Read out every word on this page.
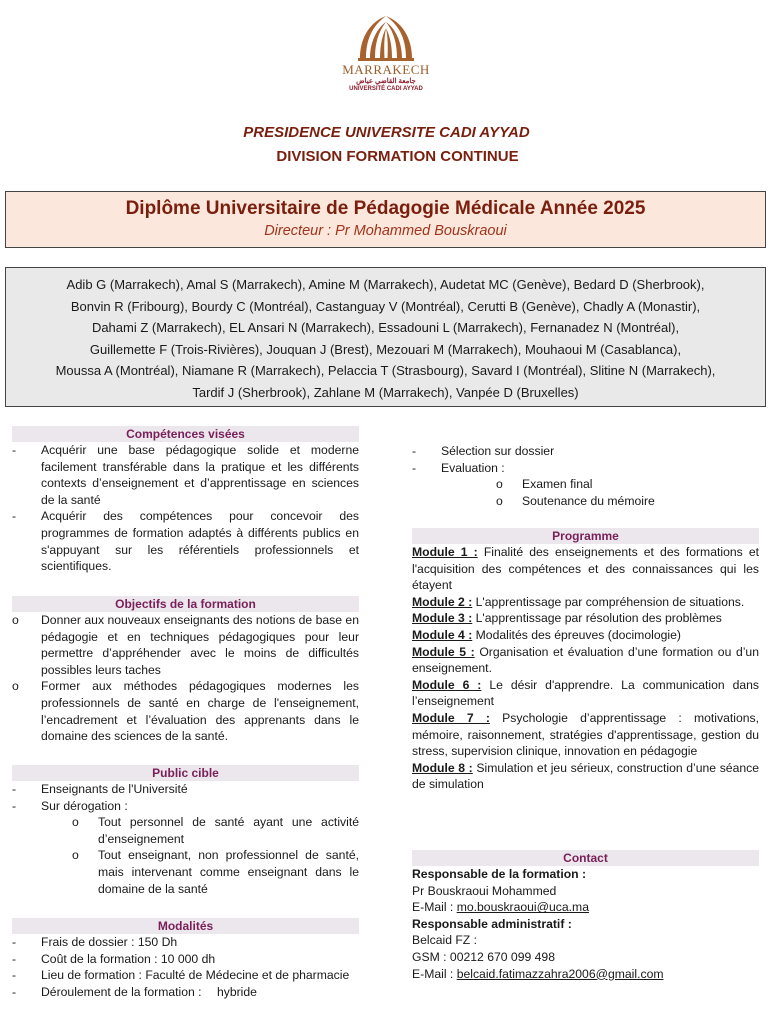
MARRAKECH
جامعة القاضي عياض
UNIVERSITÉ CADI AYYAD
PRESIDENCE UNIVERSITE CADI AYYAD
DIVISION FORMATION CONTINUE
Diplôme Universitaire de Pédagogie Médicale Année 2025
Directeur : Pr Mohammed Bouskraoui
Adib G (Marrakech), Amal S (Marrakech), Amine M (Marrakech), Audetat MC (Genève), Bedard D (Sherbrook),
Bonvin R (Fribourg), Bourdy C (Montréal), Castanguay V (Montréal), Cerutti B (Genève), Chadly A (Monastir),
Dahami Z (Marrakech), EL Ansari N (Marrakech), Essadouni L (Marrakech), Fernanadez N (Montréal),
Guillemette F (Trois-Rivières), Jouquan J (Brest), Mezouari M (Marrakech), Mouhaoui M (Casablanca),
Moussa A (Montréal), Niamane R (Marrakech), Pelaccia T (Strasbourg), Savard I (Montréal), Slitine N (Marrakech),
Tardif J (Sherbrook), Zahlane M (Marrakech), Vanpée D (Bruxelles)
Compétences visées
- Acquérir une base pédagogique solide et moderne facilement transférable dans la pratique et les différents contexts d’enseignement et d’apprentissage en sciences de la santé
- Acquérir des compétences pour concevoir des programmes de formation adaptés à différents publics en s'appuyant sur les référentiels professionnels et scientifiques.
Objectifs de la formation
o Donner aux nouveaux enseignants des notions de base en pédagogie et en techniques pédagogiques pour leur permettre d’appréhender avec le moins de difficultés possibles leurs taches
o Former aux méthodes pédagogiques modernes les professionnels de santé en charge de l'enseignement, l’encadrement et l’évaluation des apprenants dans le domaine des sciences de la santé.
Public cible
- Enseignants de l'Université
- Sur dérogation :
o Tout personnel de santé ayant une activité d’enseignement
o Tout enseignant, non professionnel de santé, mais intervenant comme enseignant dans le domaine de la santé
Modalités
- Frais de dossier : 150 Dh
- Coût de la formation : 10 000 dh
- Lieu de formation : Faculté de Médecine et de pharmacie
- Déroulement de la formation : hybride
- Sélection sur dossier
- Evaluation :
o Examen final
o Soutenance du mémoire
Programme
Module 1 : Finalité des enseignements et des formations et l'acquisition des compétences et des connaissances qui les étayent
Module 2 : L'apprentissage par compréhension de situations.
Module 3 : L'apprentissage par résolution des problèmes
Module 4 : Modalités des épreuves (docimologie)
Module 5 : Organisation et évaluation d’une formation ou d’un enseignement.
Module 6 : Le désir d'apprendre. La communication dans l’enseignement
Module 7 : Psychologie d’apprentissage : motivations, mémoire, raisonnement, stratégies d'apprentissage, gestion du stress, supervision clinique, innovation en pédagogie
Module 8 : Simulation et jeu sérieux, construction d’une séance de simulation
Contact
Responsable de la formation :
Pr Bouskraoui Mohammed
E-Mail : mo.bouskraoui@uca.ma
Responsable administratif :
Belcaid FZ :
GSM : 00212 670 099 498
E-Mail : belcaid.fatimazzahra2006@gmail.com
